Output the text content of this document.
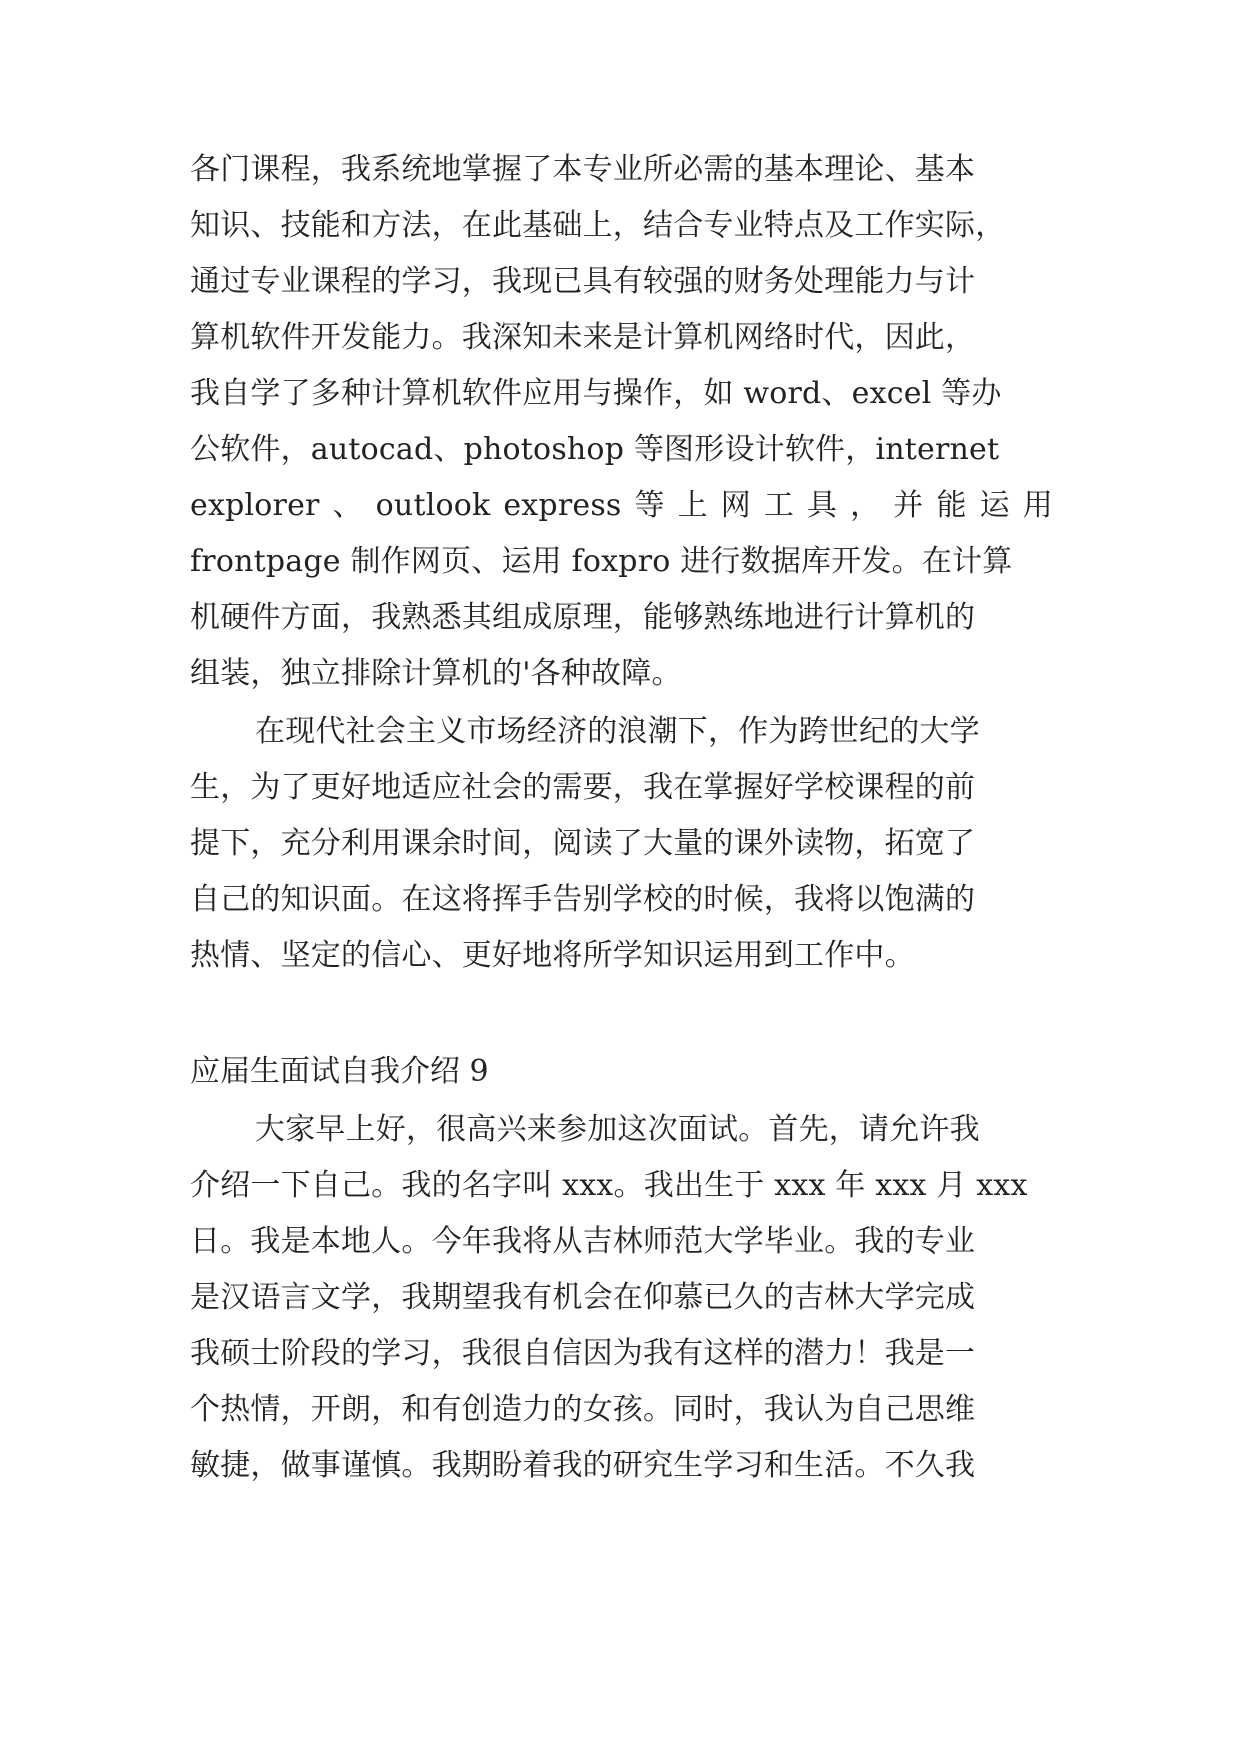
各门课程，我系统地掌握了本专业所必需的基本理论、基本
知识、技能和方法，在此基础上，结合专业特点及工作实际，
通过专业课程的学习，我现已具有较强的财务处理能力与计
算机软件开发能力。我深知未来是计算机网络时代，因此，
我自学了多种计算机软件应用与操作，如 word、excel 等办
公软件，autocad、photoshop 等图形设计软件，internet
explorer 、 outlook express 等 上 网 工 具 ， 并 能 运 用
frontpage 制作网页、运用 foxpro 进行数据库开发。在计算
机硬件方面，我熟悉其组成原理，能够熟练地进行计算机的
组装，独立排除计算机的'各种故障。
在现代社会主义市场经济的浪潮下，作为跨世纪的大学
生，为了更好地适应社会的需要，我在掌握好学校课程的前
提下，充分利用课余时间，阅读了大量的课外读物，拓宽了
自己的知识面。在这将挥手告别学校的时候，我将以饱满的
热情、坚定的信心、更好地将所学知识运用到工作中。
应届生面试自我介绍 9
大家早上好，很高兴来参加这次面试。首先，请允许我
介绍一下自己。我的名字叫 xxx。我出生于 xxx 年 xxx 月 xxx
日。我是本地人。今年我将从吉林师范大学毕业。我的专业
是汉语言文学，我期望我有机会在仰慕已久的吉林大学完成
我硕士阶段的学习，我很自信因为我有这样的潜力！我是一
个热情，开朗，和有创造力的女孩。同时，我认为自己思维
敏捷，做事谨慎。我期盼着我的研究生学习和生活。不久我
